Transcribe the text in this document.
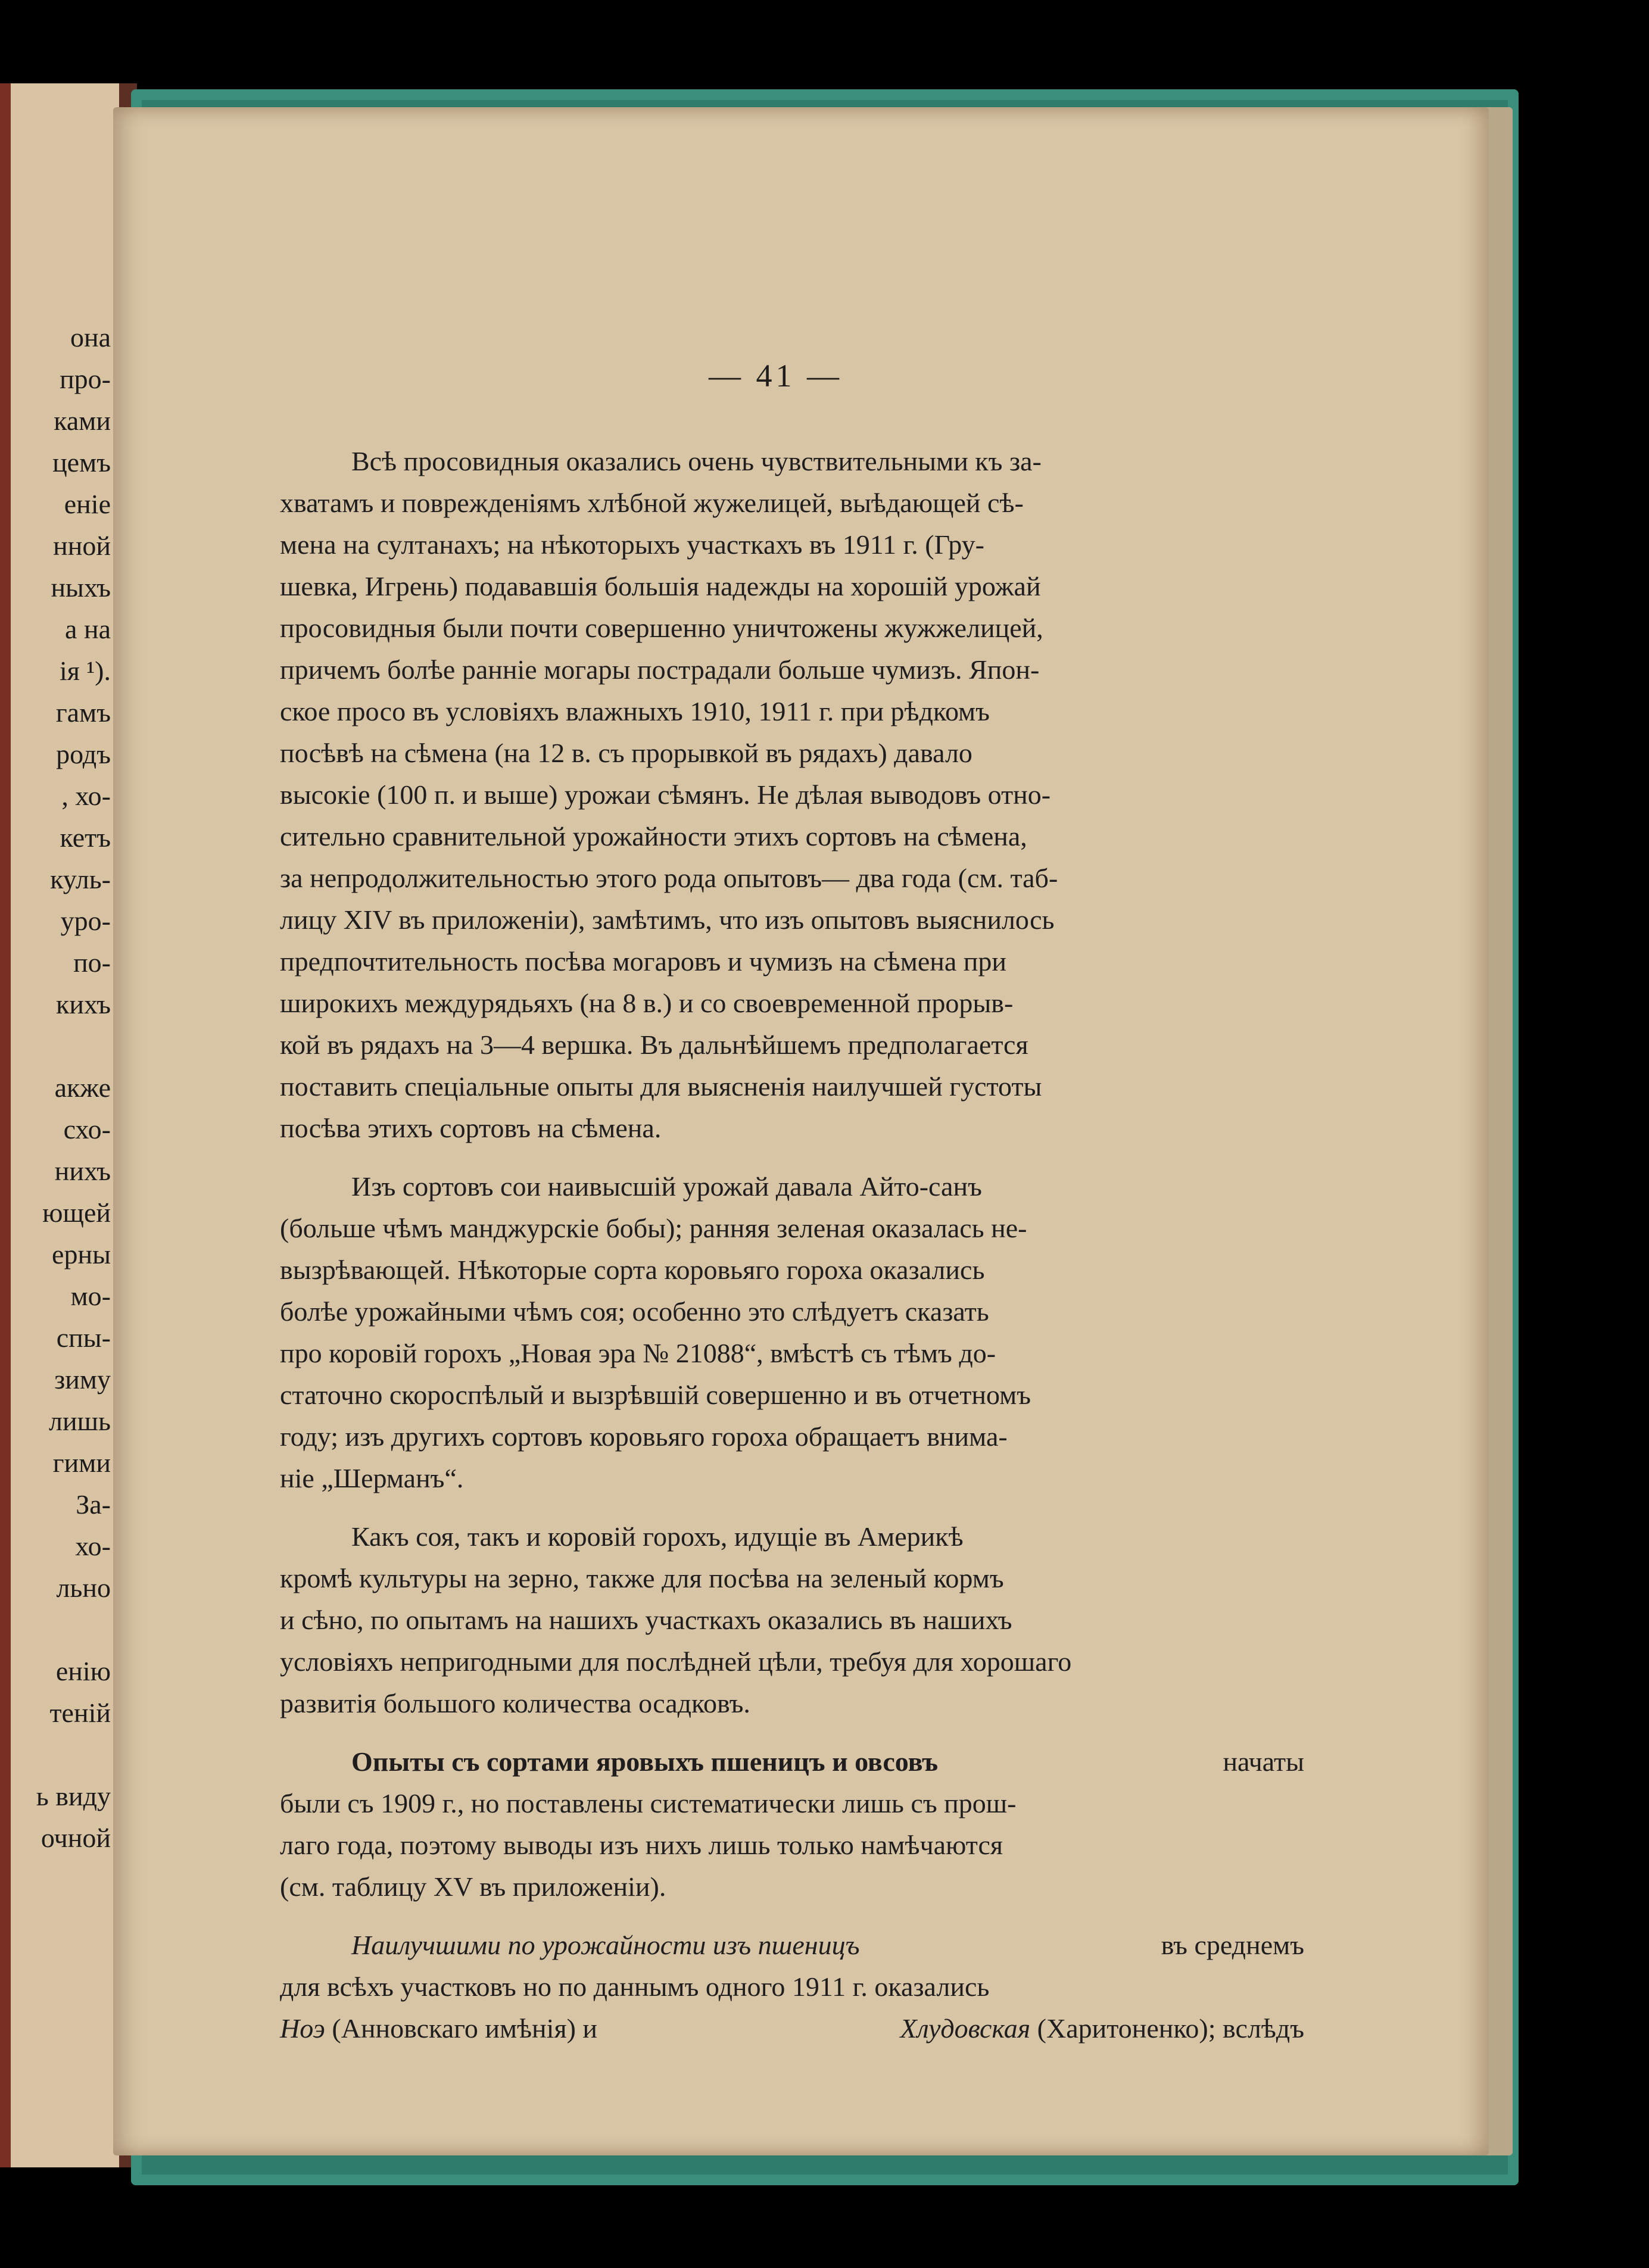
она
про-
ками
цемъ
еніе
нной
ныхъ
а на
ія ¹).
гамъ
родъ
, хо-
кетъ
куль-
уро-
по-
кихъ
акже
схо-
нихъ
ющей
ерны
мо-
спы-
зиму
лишь
гими
За-
хо-
льно
енію
теній
ь виду
очной
— 41 —
Всѣ просовидныя оказались очень чувствительными къ за-
хватамъ и поврежденіямъ хлѣбной жужелицей, выѣдающей сѣ-
мена на султанахъ; на нѣкоторыхъ участкахъ въ 1911 г. (Гру-
шевка, Игрень) подававшія большія надежды на хорошій урожай
просовидныя были почти совершенно уничтожены жужжелицей,
причемъ болѣе ранніе могары пострадали больше чумизъ. Япон-
ское просо въ условіяхъ влажныхъ 1910, 1911 г. при рѣдкомъ
посѣвѣ на сѣмена (на 12 в. съ прорывкой въ рядахъ) давало
высокіе (100 п. и выше) урожаи сѣмянъ. Не дѣлая выводовъ отно-
сительно сравнительной урожайности этихъ сортовъ на сѣмена,
за непродолжительностью этого рода опытовъ— два года (см. таб-
лицу XIV въ приложеніи), замѣтимъ, что изъ опытовъ выяснилось
предпочтительность посѣва могаровъ и чумизъ на сѣмена при
широкихъ междурядьяхъ (на 8 в.) и со своевременной прорыв-
кой въ рядахъ на 3—4 вершка. Въ дальнѣйшемъ предполагается
поставить спеціальные опыты для выясненія наилучшей густоты
посѣва этихъ сортовъ на сѣмена.
Изъ сортовъ сои наивысшій урожай давала Айто-санъ
(больше чѣмъ манджурскіе бобы); ранняя зеленая оказалась не-
вызрѣвающей. Нѣкоторые сорта коровьяго гороха оказались
болѣе урожайными чѣмъ соя; особенно это слѣдуетъ сказать
про коровій горохъ „Новая эра № 21088“, вмѣстѣ съ тѣмъ до-
статочно скороспѣлый и вызрѣвшій совершенно и въ отчетномъ
году; изъ другихъ сортовъ коровьяго гороха обращаетъ внима-
ніе „Шерманъ“.
Какъ соя, такъ и коровій горохъ, идущіе въ Америкѣ
кромѣ культуры на зерно, также для посѣва на зеленый кормъ
и сѣно, по опытамъ на нашихъ участкахъ оказались въ нашихъ
условіяхъ непригодными для послѣдней цѣли, требуя для хорошаго
развитія большого количества осадковъ.
Опыты съ сортами яровыхъ пшеницъ и овсовъ	начаты
были съ 1909 г., но поставлены систематически лишь съ прош-
лаго года, поэтому выводы изъ нихъ лишь только намѣчаются
(см. таблицу XV въ приложеніи).
Наилучшими по урожайности изъ пшеницъ	въ среднемъ
для всѣхъ участковъ но по даннымъ одного 1911 г. оказались
Ноэ (Анновскаго имѣнія) и	Хлудовская (Харитоненко); вслѣдъ
